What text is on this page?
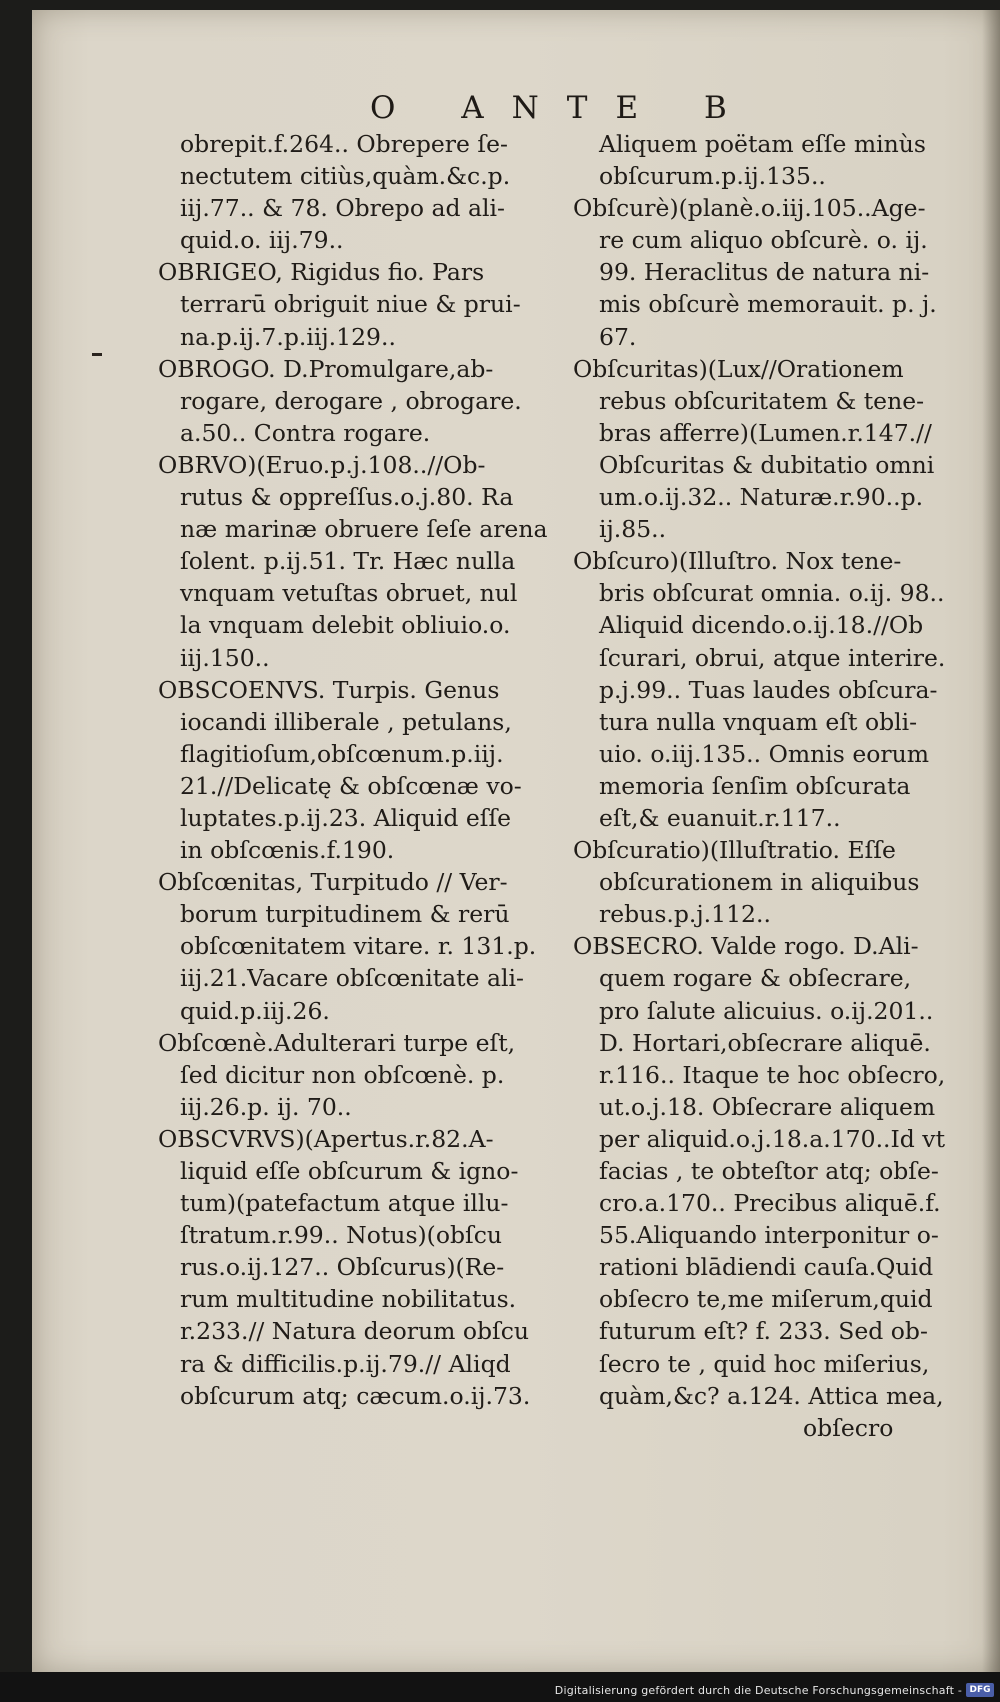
O ANTE B
obrepit.f.264.. Obrepere ſe-
nectutem citiùs,quàm.&c.p.
iij.77.. & 78. Obrepo ad ali-
quid.o. iij.79..
OBRIGEO, Rigidus fio. Pars
terrarū obriguit niue & prui-
na.p.ij.7.p.iij.129..
OBROGO. D.Promulgare,ab-
rogare, derogare , obrogare.
a.50.. Contra rogare.
OBRVO)(Eruo.p.j.108..//Ob-
rutus & oppreſſus.o.j.80. Ra
næ marinæ obruere ſeſe arena
ſolent. p.ij.51. Tr. Hæc nulla
vnquam vetuſtas obruet, nul
la vnquam delebit obliuio.o.
iij.150..
OBSCOENVS. Turpis. Genus
iocandi illiberale , petulans,
flagitioſum,obſcœnum.p.iij.
21.//Delicatę & obſcœnæ vo-
luptates.p.ij.23. Aliquid eſſe
in obſcœnis.f.190.
Obſcœnitas, Turpitudo // Ver-
borum turpitudinem & rerū
obſcœnitatem vitare. r. 131.p.
iij.21.Vacare obſcœnitate ali-
quid.p.iij.26.
Obſcœnè.Adulterari turpe eſt,
ſed dicitur non obſcœnè. p.
iij.26.p. ij. 70..
OBSCVRVS)(Apertus.r.82.A-
liquid eſſe obſcurum & igno-
tum)(patefactum atque illu-
ſtratum.r.99.. Notus)(obſcu
rus.o.ij.127.. Obſcurus)(Re-
rum multitudine nobilitatus.
r.233.// Natura deorum obſcu
ra & difficilis.p.ij.79.// Aliqd
obſcurum atq; cæcum.o.ij.73.
Aliquem poëtam eſſe minùs
obſcurum.p.ij.135..
Obſcurè)(planè.o.iij.105..Age-
re cum aliquo obſcurè. o. ij.
99. Heraclitus de natura ni-
mis obſcurè memorauit. p. j.
67.
Obſcuritas)(Lux//Orationem
rebus obſcuritatem & tene-
bras afferre)(Lumen.r.147.//
Obſcuritas & dubitatio omni
um.o.ij.32.. Naturæ.r.90..p.
ij.85..
Obſcuro)(Illuſtro. Nox tene-
bris obſcurat omnia. o.ij. 98..
Aliquid dicendo.o.ij.18.//Ob
ſcurari, obrui, atque interire.
p.j.99.. Tuas laudes obſcura-
tura nulla vnquam eſt obli-
uio. o.iij.135.. Omnis eorum
memoria ſenſim obſcurata
eſt,& euanuit.r.117..
Obſcuratio)(Illuſtratio. Eſſe
obſcurationem in aliquibus
rebus.p.j.112..
OBSECRO. Valde rogo. D.Ali-
quem rogare & obſecrare,
pro ſalute alicuius. o.ij.201..
D. Hortari,obſecrare aliquē.
r.116.. Itaque te hoc obſecro,
ut.o.j.18. Obſecrare aliquem
per aliquid.o.j.18.a.170..Id vt
facias , te obteſtor atq; obſe-
cro.a.170.. Precibus aliquē.f.
55.Aliquando interponitur o-
rationi blādiendi cauſa.Quid
obſecro te,me miſerum,quid
futurum eſt? f. 233. Sed ob-
ſecro te , quid hoc miſerius,
quàm,&c? a.124. Attica mea,
obſecro
Digitalisierung gefördert durch die Deutsche Forschungsgemeinschaft - DFG
